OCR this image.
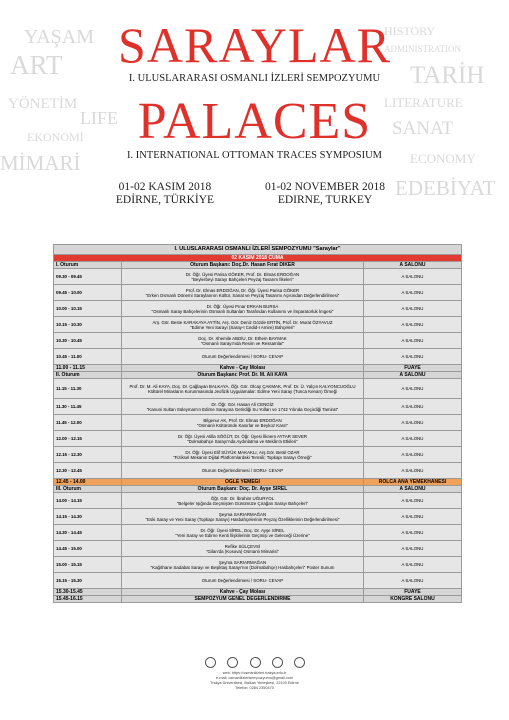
YAŞAM
ART
YÖNETİM
LIFE
EKONOMİ
MİMARİ
HISTORY
ADMINISTRATION
TARİH
LITERATURE
SANAT
ECONOMY
EDEBİYAT
SARAYLAR
I. ULUSLARARASI OSMANLI İZLERİ SEMPOZYUMU
PALACES
I. INTERNATIONAL OTTOMAN TRACES SYMPOSIUM
01-02 KASIM 2018
EDİRNE, TÜRKİYE
01-02 NOVEMBER 2018
EDIRNE, TURKEY
I. ULUSLARARASI OSMANLI İZLERİ SEMPOZYUMU "Saraylar"		
02 KASIM 2018 CUMA		
I. Oturum	Oturum Başkanı: Doç.Dr. Hasan Fırat DİKER	A SALONU
09.30 - 09.45	Dr. Öğr. Üyesi Parisa GÖKER, Prof. Dr. Elmas ERDOĞAN
"Beylerbeyi Sarayı Bahçeleri Peyzaj Tasarım İlkeleri"	A SALONU
09.45 - 10.00	Prof. Dr. Elmas ERDOĞAN, Dr. Öğr. Üyesi Parisa GÖKER
"Erken Osmanlı Dönemi Saraylarının Kültür, Sanat ve Peyzaj Tasarımı Açısından Değerlendirilmesi"	A SALONU
10.00 - 10.15	Dr. Öğr. Üyesi Pınar ERKAN BURSA
"Osmanlı Saray Bahçelerinin Osmanlı Sultanları Tarafından Kullanımı ve İmparatorluk İmgesi"	A SALONU
10.15 - 10.30	Arş. Gör. Beste KARAKAYA AYTİN, Arş. Gör. Deniz Gözde ERTİN, Prof. Dr. Murat ÖZYAVUZ
"Edirne Yeni Sarayı (Saray-I Cedid-I Amire) Bahçeleri"	A SALONU
10.30 - 10.45	Doç. Dr. Xhemile ABDİU, Dr. Ethem BAYMAK
"Osmanlı Sarayı'nda Resim ve Ressamlar"	A SALONU
10.45 - 11.00	Oturum Değerlendirmesi / SORU- CEVAP	A SALONU
11.00 - 11.15	Kahve - Çay Molası	FUAYE
II. Oturum	Oturum Başkanı: Prof. Dr. M. Ali KAYA	A SALONU
11.15 - 11.30	Prof. Dr. M. Ali KAYA, Doç. Dr. Çağlayan BALKAYA, Öğr. Gör. Olcay ÇAKMAK, Prof. Dr. Ü. Yalçın KALYONCUOĞLU
Kültürel Mirasların Korunmasında Jeofizik Uygulamalar: Edirne Yeni Saray (Tunca Kenarı) Örneği	A SALONU
11.30 - 11.45	Dr. Öğr. Gör. Hasan Ali CENGİZ
"Kanuni Sultan Süleyman'ın Edirne Sarayına Getirdiği Su Yolları ve 1742 Yılında Geçirdiği Tamirat"	A SALONU
11.45 - 12.00	Bilgenur AK, Prof. Dr. Elmas ERDOĞAN
"Osmanlı Kültüründe Kasırlar ve Beykoz Kasrı"	A SALONU
12.00 - 12.15	Dr. Öğr. Üyesi Atilla SÖĞÜT, Dr. Öğr. Üyesi İlknem AYTAR SEVER
"Dolmabahçe Sarayı'nda Aydınlatma ve Mekân'a Etkileri"	A SALONU
12.15 - 12.30	Dr. Öğr. Üyesi Elif SÜYÜK MAKAKLI, Arş.Gör. Betül OZAR
"Fiziksel Mekanın Dijital Platformlardaki Temsili; Topkapı Sarayı Örneği"	A SALONU
12.30 - 12.45	Oturum Değerlendirmesi / SORU- CEVAP	A SALONU
12.45 - 14.00	ÖĞLE YEMEĞİ	ROLCA ANA YEMEKHANESİ
III. Oturum	Oturum Başkanı: Doç. Dr. Ayşe SİREL	A SALONU
14.00 - 14.15	Öğr. Gör. Dr. İbrahim UĞURYOL
"Belgeler Işığında Geçmişten Günümüze Çırağan Sarayı Bahçeleri"	A SALONU
14.15 - 14.30	Şeyma SARIARMAĞAN
"Eski Saray ve Yeni Saray (Topkapı Sarayı) Hasbahçelerinin Peyzaj Özelliklerinin Değerlendirilmesi"	A SALONU
14.30 - 14.45	Dr. Öğr. Üyesi SİREL, Doç. Dr. Ayşe SİREL
"Yeni Saray ve Edirne Kenti İlişkilerinin Geçmişi ve Geleceği Üzerine"	A SALONU
14.45 - 15.00	Refike SÜLÇEVSİ
"Gilan'da (Kosova) Osmanlı Mimarisi"	A SALONU
15.00 - 15.15	Şeyma SARIARMAĞAN
"Kağıthane Sadabat Sarayı ve Beşiktaş Sarayı'nın (Dolmabahçe) Hasbahçeleri" Poster Sunum	A SALONU
15.15 - 15.30	Oturum Değerlendirmesi / SORU- CEVAP	A SALONU
15.30-15.45	Kahve - Çay Molası	FUAYE
15.45-16.15	SEMPOZYUM GENEL DEĞERLENDİRME	KONGRE SALONU
web: https://osmanliizleri.trakya.edu.tr
e-mail: osmanliizlerisempozyumu@gmail.com
Trakya Üniversitesi, Balkan Yerleşkesi, 22100 Edirne
Telefon: 0284 2350470
